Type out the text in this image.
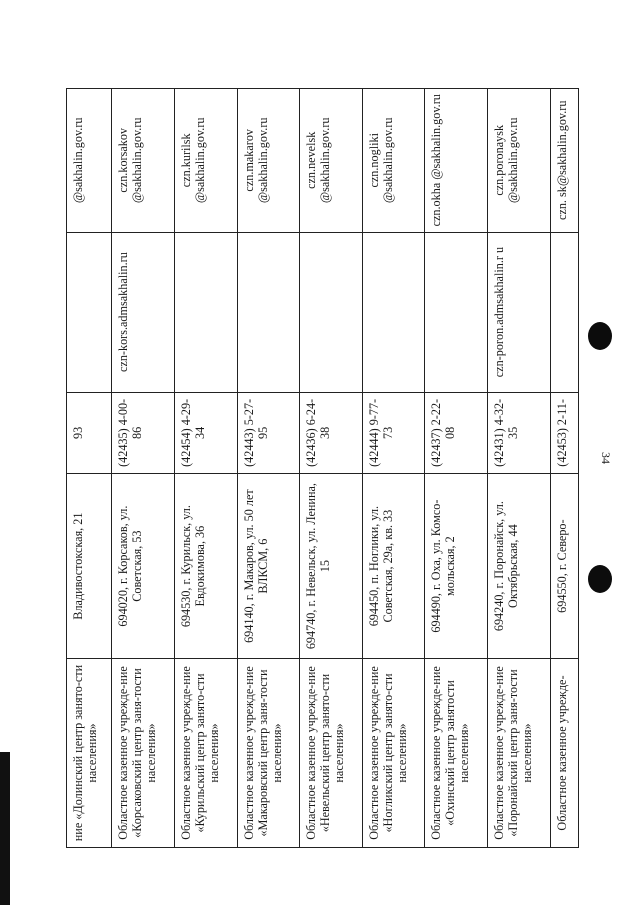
34
ние «Долинский центр занято-сти населения»	Владивостокская, 21	93		@sakhalin.gov.ru
Областное казенное учрежде-ние «Корсаковский центр заня-тости населения»	694020, г. Корсаков, ул. Советская, 53	(42435) 4-00-86	czn-kors.admsakhalin.ru	czn.korsakov @sakhalin.gov.ru
Областное казенное учрежде-ние «Курильский центр занято-сти населения»	694530, г. Курильск, ул. Евдокимова, 36	(42454) 4-29-34		czn.kurilsk @sakhalin.gov.ru
Областное казенное учрежде-ние «Макаровский центр заня-тости населения»	694140, г. Макаров, ул. 50 лет ВЛКСМ, 6	(42443) 5-27-95		czn.makarov @sakhalin.gov.ru
Областное казенное учрежде-ние «Невельский центр занято-сти населения»	694740, г. Невельск, ул. Ленина, 15	(42436) 6-24-38		czn.nevelsk @sakhalin.gov.ru
Областное казенное учрежде-ние «Ногликский центр занято-сти населения»	694450, п. Ноглики, ул. Советская, 29а, кв. 33	(42444) 9-77-73		czn.nogliki @sakhalin.gov.ru
Областное казенное учрежде-ние «Охинский центр занятости населения»	694490, г. Оха, ул. Комсо-мольская, 2	(42437) 2-22-08		czn.okha @sakhalin.gov.ru
Областное казенное учрежде-ние «Поронайский центр заня-тости населения»	694240, г. Поронайск, ул. Октябрьская, 44	(42431) 4-32-35	czn-poron.admsakhalin.r u	czn.poronaysk @sakhalin.gov.ru
Областное казенное учрежде-	694550, г. Северо-	(42453) 2-11-		czn. sk@sakhalin.gov.ru
